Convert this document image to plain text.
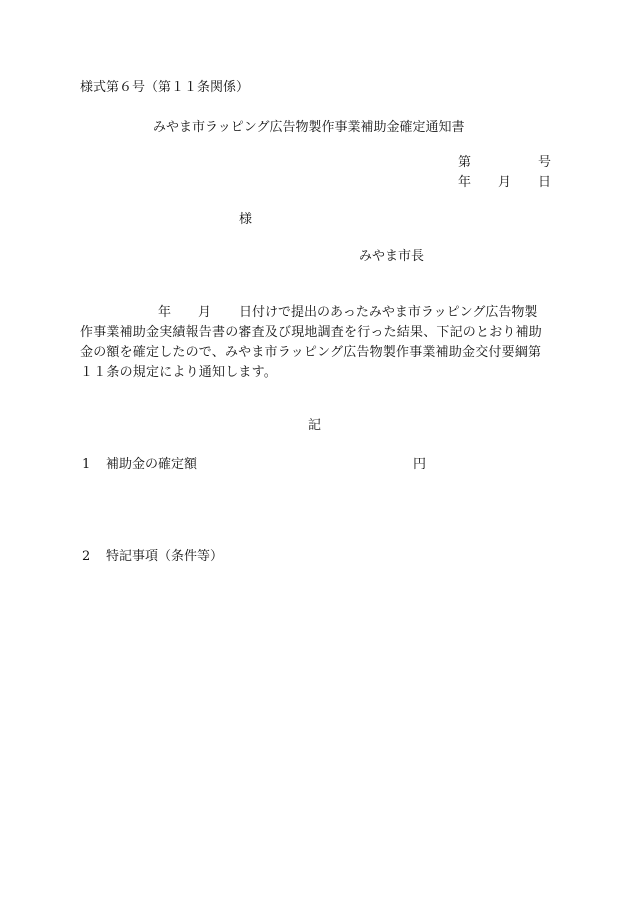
様式第６号（第１１条関係）
みやま市ラッピング広告物製作事業補助金確定通知書
第	号
年 月 日
様
みやま市長
年 月 日付けで提出のあったみやま市ラッピング広告物製
作事業補助金実績報告書の審査及び現地調査を行った結果、下記のとおり補助
金の額を確定したので、みやま市ラッピング広告物製作事業補助金交付要綱第
１１条の規定により通知します。
記
1 補助金の確定額	円
2 特記事項（条件等）
